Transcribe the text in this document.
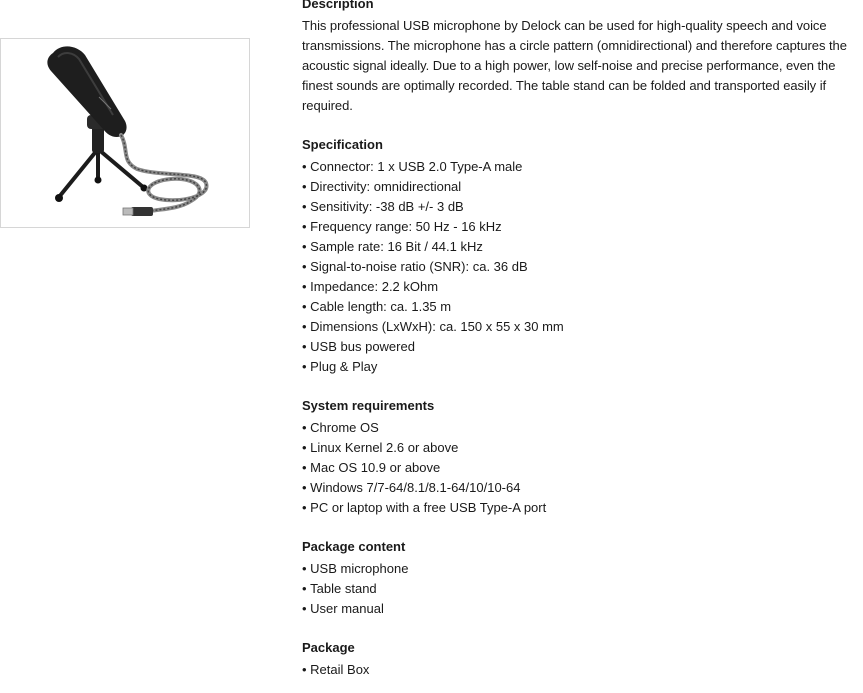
Description

This professional USB microphone by Delock can be used for high-quality speech and voice transmissions. The microphone has a circle pattern (omnidirectional) and therefore captures the acoustic signal ideally. Due to a high power, low self-noise and precise performance, even the finest sounds are optimally recorded. The table stand can be folded and transported easily if required.

Specification
• Connector: 1 x USB 2.0 Type-A male
• Directivity: omnidirectional
• Sensitivity: -38 dB +/- 3 dB
• Frequency range: 50 Hz - 16 kHz
• Sample rate: 16 Bit / 44.1 kHz
• Signal-to-noise ratio (SNR): ca. 36 dB
• Impedance: 2.2 kOhm
• Cable length: ca. 1.35 m
• Dimensions (LxWxH): ca. 150 x 55 x 30 mm
• USB bus powered
• Plug & Play
System requirements
• Chrome OS
• Linux Kernel 2.6 or above
• Mac OS 10.9 or above
• Windows 7/7-64/8.1/8.1-64/10/10-64
• PC or laptop with a free USB Type-A port
Package content
• USB microphone
• Table stand
• User manual
Package
• Retail Box
